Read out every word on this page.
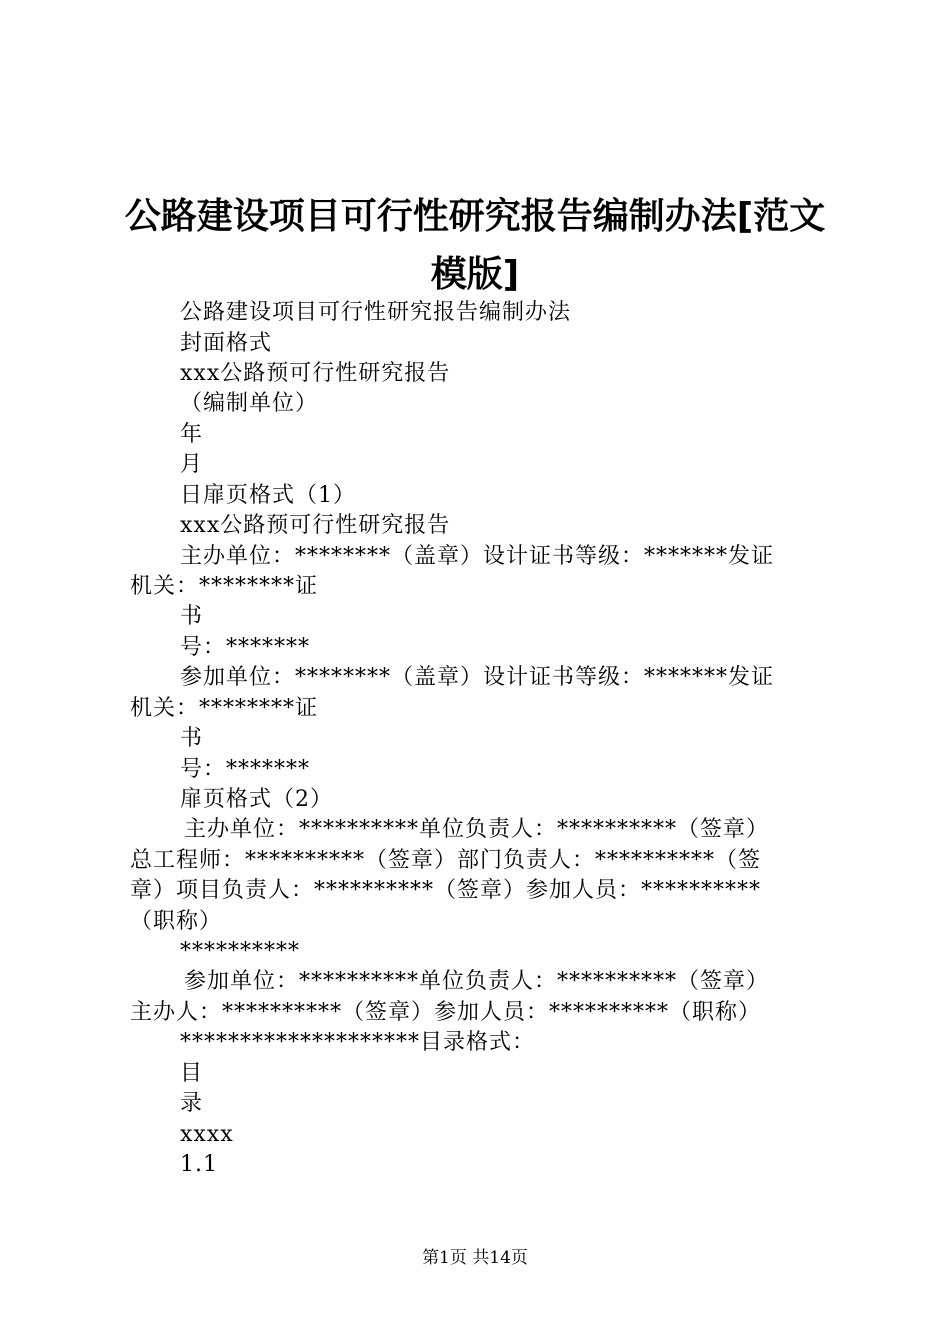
公路建设项目可行性研究报告编制办法[范文
模版]
公路建设项目可行性研究报告编制办法
封面格式
xxx公路预可行性研究报告
（编制单位）
年
月
日扉页格式（1）
xxx公路预可行性研究报告
主办单位：********（盖章）设计证书等级：*******发证
机关：********证
书
号：*******
参加单位：********（盖章）设计证书等级：*******发证
机关：********证
书
号：*******
扉页格式（2）
主办单位：**********单位负责人：**********（签章）
总工程师：**********（签章）部门负责人：**********（签
章）项目负责人：**********（签章）参加人员：**********
（职称）
**********
参加单位：**********单位负责人：**********（签章）
主办人：**********（签章）参加人员：**********（职称）
********************目录格式：
目
录
xxxx
1.1
第1页 共14页
